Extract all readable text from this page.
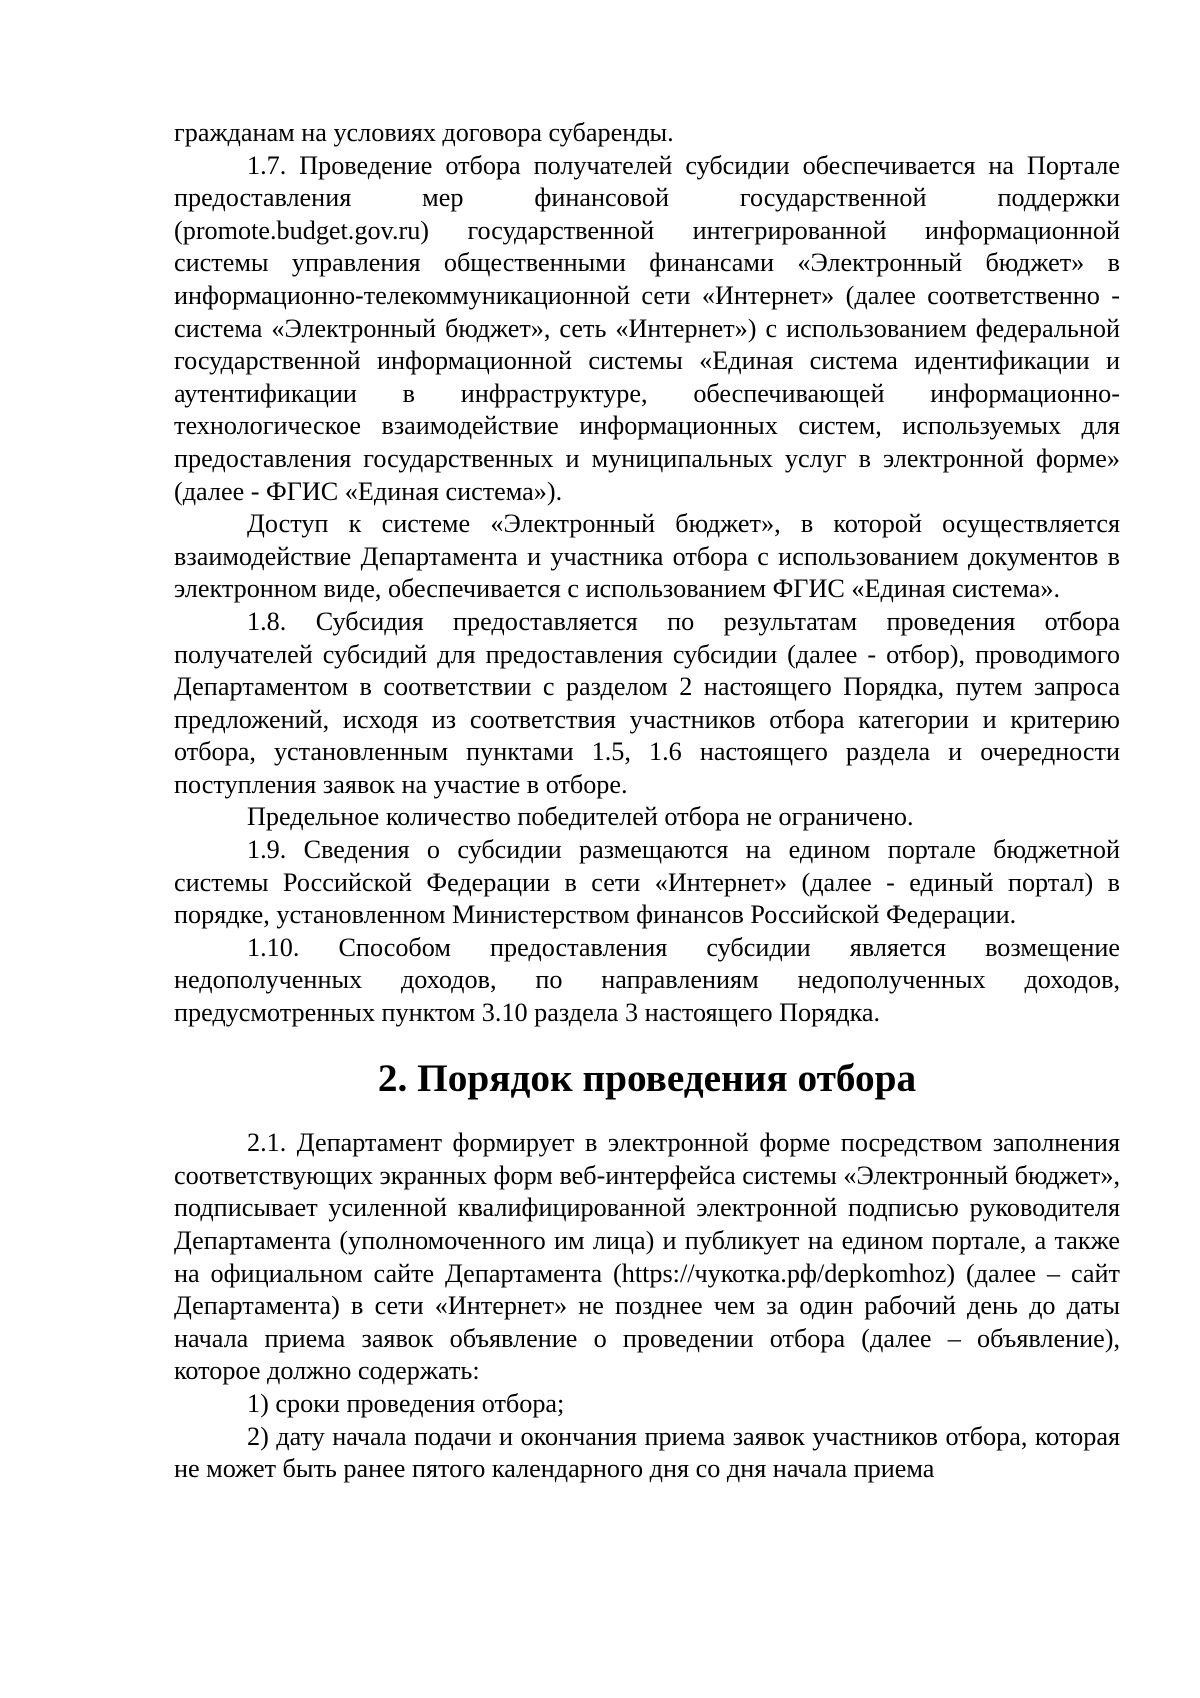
гражданам на условиях договора субаренды.

1.7. Проведение отбора получателей субсидии обеспечивается на Портале предоставления мер финансовой государственной поддержки (promote.budget.gov.ru) государственной интегрированной информационной системы управления общественными финансами «Электронный бюджет» в информационно-телекоммуникационной сети «Интернет» (далее соответственно - система «Электронный бюджет», сеть «Интернет») с использованием федеральной государственной информационной системы «Единая система идентификации и аутентификации в инфраструктуре, обеспечивающей информационно-технологическое взаимодействие информационных систем, используемых для предоставления государственных и муниципальных услуг в электронной форме» (далее - ФГИС «Единая система»).

Доступ к системе «Электронный бюджет», в которой осуществляется взаимодействие Департамента и участника отбора с использованием документов в электронном виде, обеспечивается с использованием ФГИС «Единая система».

1.8. Субсидия предоставляется по результатам проведения отбора получателей субсидий для предоставления субсидии (далее - отбор), проводимого Департаментом в соответствии с разделом 2 настоящего Порядка, путем запроса предложений, исходя из соответствия участников отбора категории и критерию отбора, установленным пунктами 1.5, 1.6 настоящего раздела и очередности поступления заявок на участие в отборе.

Предельное количество победителей отбора не ограничено.

1.9. Сведения о субсидии размещаются на едином портале бюджетной системы Российской Федерации в сети «Интернет» (далее - единый портал) в порядке, установленном Министерством финансов Российской Федерации.

1.10. Способом предоставления субсидии является возмещение недополученных доходов, по направлениям недополученных доходов, предусмотренных пунктом 3.10 раздела 3 настоящего Порядка.

2. Порядок проведения отбора

2.1. Департамент формирует в электронной форме посредством заполнения соответствующих экранных форм веб-интерфейса системы «Электронный бюджет», подписывает усиленной квалифицированной электронной подписью руководителя Департамента (уполномоченного им лица) и публикует на едином портале, а также на официальном сайте Департамента (https://чукотка.рф/depkomhoz) (далее – сайт Департамента) в сети «Интернет» не позднее чем за один рабочий день до даты начала приема заявок объявление о проведении отбора (далее – объявление), которое должно содержать:

1) сроки проведения отбора;

2) дату начала подачи и окончания приема заявок участников отбора, которая не может быть ранее пятого календарного дня со дня начала приема
